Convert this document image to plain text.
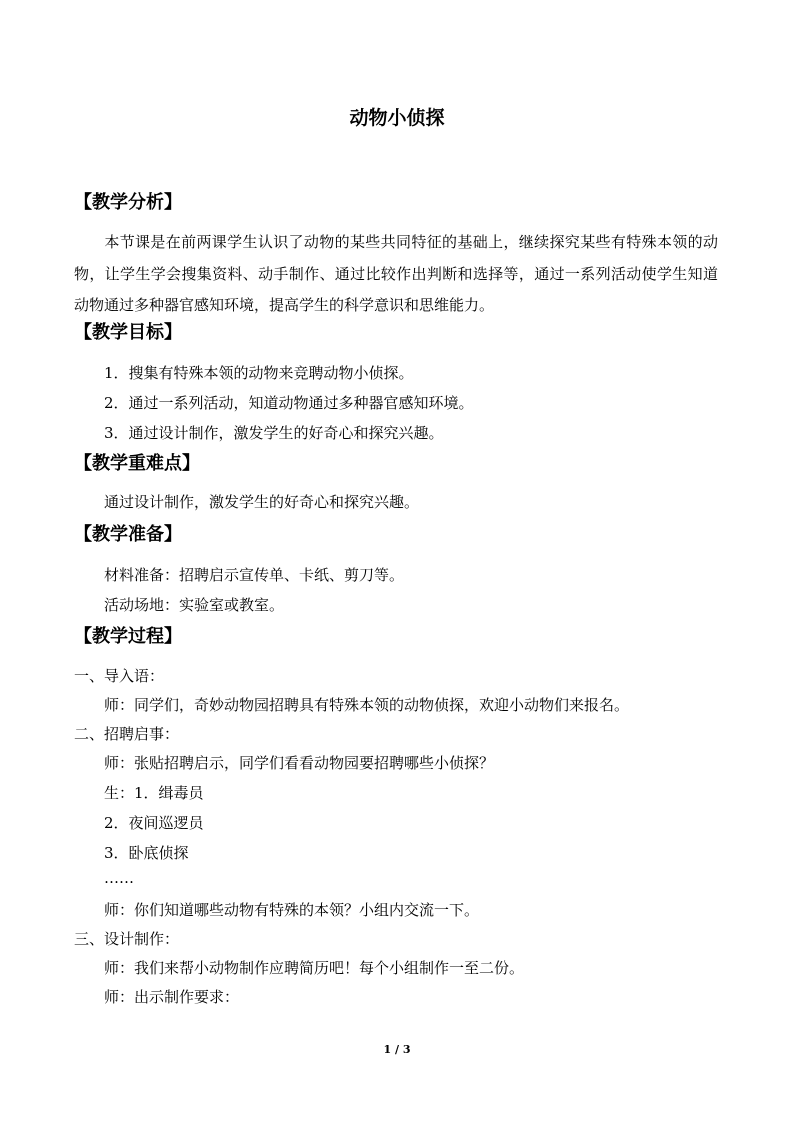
动物小侦探
【教学分析】
本节课是在前两课学生认识了动物的某些共同特征的基础上，继续探究某些有特殊本领的动物，让学生学会搜集资料、动手制作、通过比较作出判断和选择等，通过一系列活动使学生知道动物通过多种器官感知环境，提高学生的科学意识和思维能力。
【教学目标】
1．搜集有特殊本领的动物来竞聘动物小侦探。
2．通过一系列活动，知道动物通过多种器官感知环境。
3．通过设计制作，激发学生的好奇心和探究兴趣。
【教学重难点】
通过设计制作，激发学生的好奇心和探究兴趣。
【教学准备】
材料准备：招聘启示宣传单、卡纸、剪刀等。
活动场地：实验室或教室。
【教学过程】
一、导入语：
师：同学们，奇妙动物园招聘具有特殊本领的动物侦探，欢迎小动物们来报名。
二、招聘启事：
师：张贴招聘启示，同学们看看动物园要招聘哪些小侦探？
生：1．缉毒员
2．夜间巡逻员
3．卧底侦探
……
师：你们知道哪些动物有特殊的本领？小组内交流一下。
三、设计制作：
师：我们来帮小动物制作应聘简历吧！每个小组制作一至二份。
师：出示制作要求：
1 / 3
